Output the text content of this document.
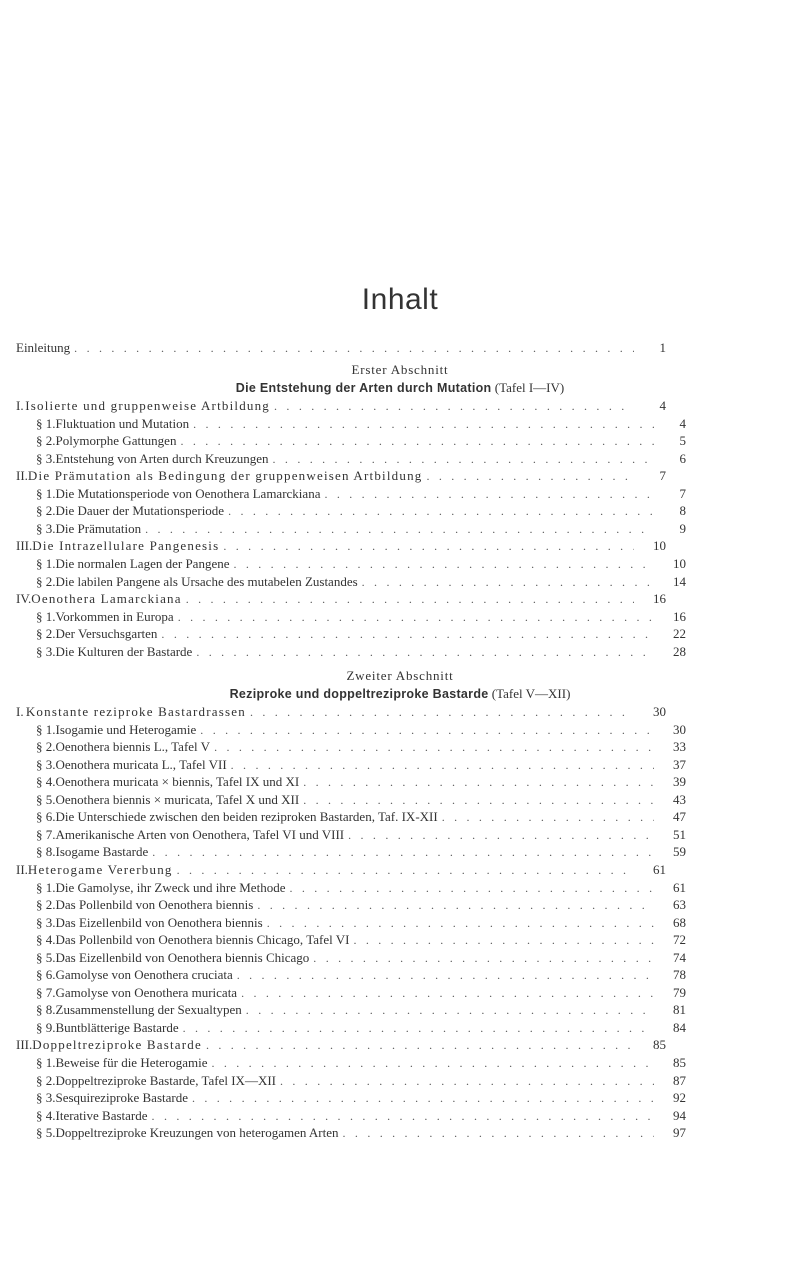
Inhalt
Einleitung . . .	1
Erster Abschnitt
Die Entstehung der Arten durch Mutation (Tafel I—IV)
I. Isolierte und gruppenweise Artbildung . . .	4
§ 1. Fluktuation und Mutation . . .	4
§ 2. Polymorphe Gattungen . . .	5
§ 3. Entstehung von Arten durch Kreuzungen . . .	6
II. Die Prämutation als Bedingung der gruppenweisen Artbildung . . .	7
§ 1. Die Mutationsperiode von Oenothera Lamarckiana . . .	7
§ 2. Die Dauer der Mutationsperiode . . .	8
§ 3. Die Prämutation . . .	9
III. Die Intrazellulare Pangenesis . . .	10
§ 1. Die normalen Lagen der Pangene . . .	10
§ 2. Die labilen Pangene als Ursache des mutabelen Zustandes . . .	14
IV. Oenothera Lamarckiana . . .	16
§ 1. Vorkommen in Europa . . .	16
§ 2. Der Versuchsgarten . . .	22
§ 3. Die Kulturen der Bastarde . . .	28
Zweiter Abschnitt
Reziproke und doppeltreziproke Bastarde (Tafel V—XII)
I. Konstante reziproke Bastardrassen . . .	30
§ 1. Isogamie und Heterogamie . . .	30
§ 2. Oenothera biennis L., Tafel V . . .	33
§ 3. Oenothera muricata L., Tafel VII . . .	37
§ 4. Oenothera muricata × biennis, Tafel IX und XI . . .	39
§ 5. Oenothera biennis × muricata, Tafel X und XII . . .	43
§ 6. Die Unterschiede zwischen den beiden reziproken Bastarden, Taf. IX-XII . . .	47
§ 7. Amerikanische Arten von Oenothera, Tafel VI und VIII . . .	51
§ 8. Isogame Bastarde . . .	59
II. Heterogame Vererbung . . .	61
§ 1. Die Gamolyse, ihr Zweck und ihre Methode . . .	61
§ 2. Das Pollenbild von Oenothera biennis . . .	63
§ 3. Das Eizellenbild von Oenothera biennis . . .	68
§ 4. Das Pollenbild von Oenothera biennis Chicago, Tafel VI . . .	72
§ 5. Das Eizellenbild von Oenothera biennis Chicago . . .	74
§ 6. Gamolyse von Oenothera cruciata . . .	78
§ 7. Gamolyse von Oenothera muricata . . .	79
§ 8. Zusammenstellung der Sexualtypen . . .	81
§ 9. Buntblätterige Bastarde . . .	84
III. Doppeltreziproke Bastarde . . .	85
§ 1. Beweise für die Heterogamie . . .	85
§ 2. Doppeltreziproke Bastarde, Tafel IX—XII . . .	87
§ 3. Sesquireziproke Bastarde . . .	92
§ 4. Iterative Bastarde . . .	94
§ 5. Doppeltreziproke Kreuzungen von heterogamen Arten . . .	97
